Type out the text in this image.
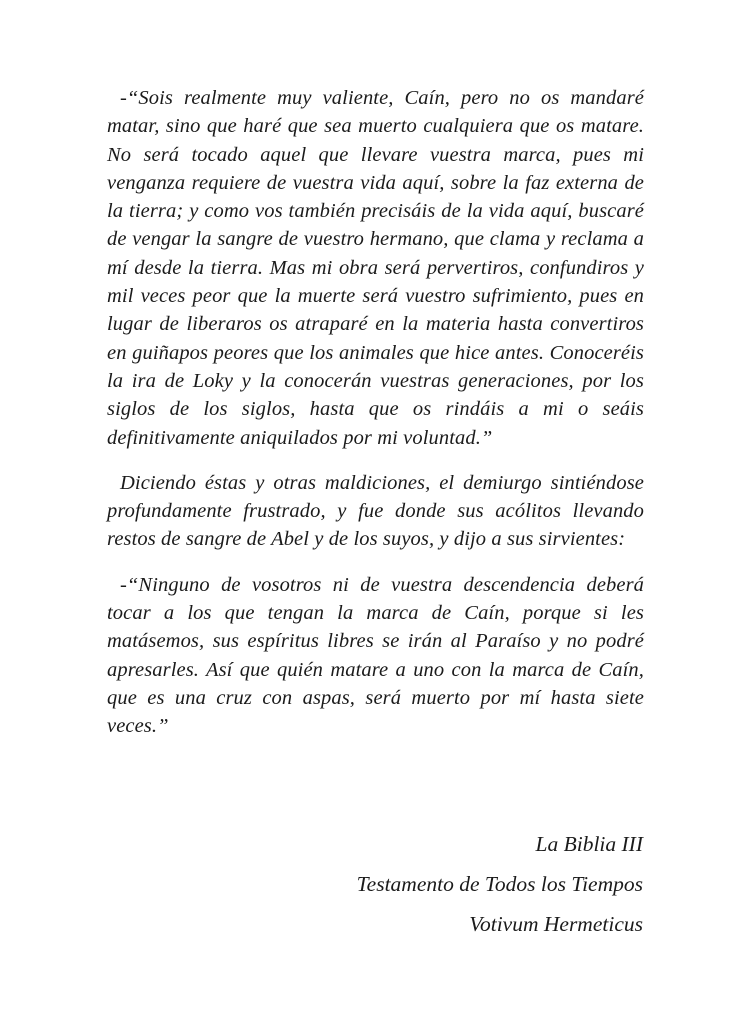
-“Sois realmente muy valiente, Caín, pero no os mandaré matar, sino que haré que sea muerto cualquiera que os matare. No será tocado aquel que llevare vuestra marca, pues mi venganza requiere de vuestra vida aquí, sobre la faz externa de la tierra; y como vos también precisáis de la vida aquí, buscaré de vengar la sangre de vuestro hermano, que clama y reclama a mí desde la tierra. Mas mi obra será pervertiros, confundiros y mil veces peor que la muerte será vuestro sufrimiento, pues en lugar de liberaros os atraparé en la materia hasta convertiros en guiñapos peores que los animales que hice antes. Conoceréis la ira de Loky y la conocerán vuestras generaciones, por los siglos de los siglos, hasta que os rindáis a mi o seáis definitivamente aniquilados por mi voluntad.”

Diciendo éstas y otras maldiciones, el demiurgo sintiéndose profundamente frustrado, y fue donde sus acólitos llevando restos de sangre de Abel y de los suyos, y dijo a sus sirvientes:

-“Ninguno de vosotros ni de vuestra descendencia deberá tocar a los que tengan la marca de Caín, porque si les matásemos, sus espíritus libres se irán al Paraíso y no podré apresarles. Así que quién matare a uno con la marca de Caín, que es una cruz con aspas, será muerto por mí hasta siete veces.”

La Biblia III
Testamento de Todos los Tiempos
Votivum Hermeticus
